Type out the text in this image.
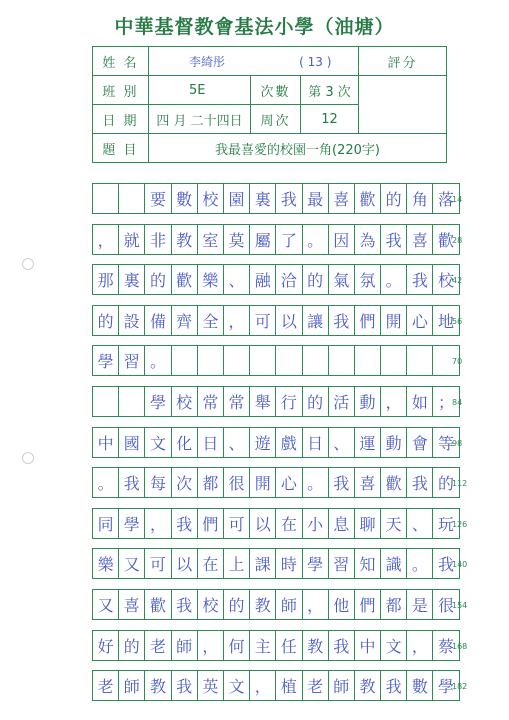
中華基督教會基法小學（油塘）
姓 名	李綺彤 ( 13 )			評分
班 別	5E	次數	第 3 次	
日 期	四 月 二十四日	周次	12	
題 目	我最喜愛的校園一角(220字)			
要 數 校 園 裏 我 最 喜 歡 的 角 落
14
， 就 非 教 室 莫 屬 了 。 因 為 我 喜 歡
28
那 裏 的 歡 樂 、 融 洽 的 氣 氛 。 我 校
42
的 設 備 齊 全 ， 可 以 讓 我 們 開 心 地
56
學 習 。	70
學 校 常 常 舉 行 的 活 動 ， 如 ；
84
中 國 文 化 日 、 遊 戲 日 、 運 動 會 等
98
。 我 每 次 都 很 開 心 。 我 喜 歡 我 的
112
同 學 ， 我 們 可 以 在 小 息 聊 天 、 玩
126
樂 又 可 以 在 上 課 時 學 習 知 識 。 我
140
又 喜 歡 我 校 的 教 師 ， 他 們 都 是 很
154
好 的 老 師 ， 何 主 任 教 我 中 文 ， 蔡
168
老 師 教 我 英 文 ， 植 老 師 教 我 數 學
182
